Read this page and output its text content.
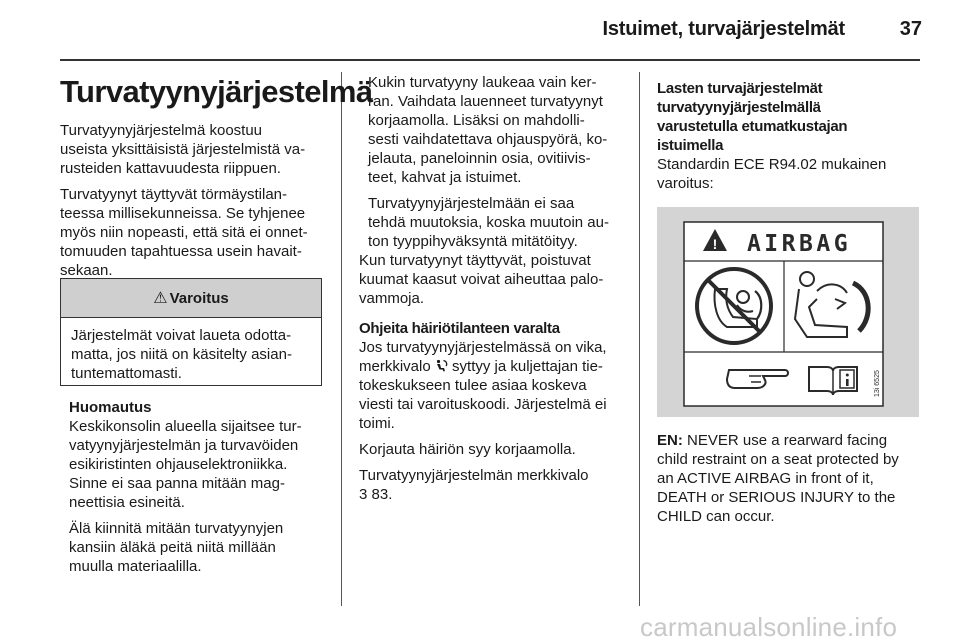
Istuimet, turvajärjestelmät	37
Turvatyynyjärjestelmä

Turvatyynyjärjestelmä koostuu
useista yksittäisistä järjestelmistä va-
rusteiden kattavuudesta riippuen.

Turvatyynyt täyttyvät törmäystilan-
teessa millisekunneissa. Se tyhjenee
myös niin nopeasti, että sitä ei onnet-
tomuuden tapahtuessa usein havait-
sekaan.

⚠ Varoitus
Järjestelmät voivat laueta odotta-
matta, jos niitä on käsitelty asian-
tuntemattomasti.

Huomautus

Keskikonsolin alueella sijaitsee tur-
vatyynyjärjestelmän ja turvavöiden
esikiristinten ohjauselektroniikka.
Sinne ei saa panna mitään mag-
neettisia esineitä.

Älä kiinnitä mitään turvatyynyjen
kansiin äläkä peitä niitä millään
muulla materiaalilla.

Kukin turvatyyny laukeaa vain ker-
ran. Vaihdata lauenneet turvatyynyt
korjaamolla. Lisäksi on mahdolli-
sesti vaihdatettava ohjauspyörä, ko-
jelauta, paneloinnin osia, ovitiivis-
teet, kahvat ja istuimet.

Turvatyynyjärjestelmään ei saa
tehdä muutoksia, koska muutoin au-
ton tyyppihyväksyntä mitätöityy.

Kun turvatyynyt täyttyvät, poistuvat
kuumat kaasut voivat aiheuttaa palo-
vammoja.

Ohjeita häiriötilanteen varalta

Jos turvatyynyjärjestelmässä on vika,
merkkivalo syttyy ja kuljettajan tie-
tokeskukseen tulee asiaa koskeva
viesti tai varoituskoodi. Järjestelmä ei
toimi.

Korjauta häiriön syy korjaamolla.

Turvatyynyjärjestelmän merkkivalo
3 83.

Lasten turvajärjestelmät
turvatyynyjärjestelmällä
varustetulla etumatkustajan
istuimella

Standardin ECE R94.02 mukainen
varoitus:

! AIRBAG
13i 6525

EN: NEVER use a rearward facing
child restraint on a seat protected by
an ACTIVE AIRBAG in front of it,
DEATH or SERIOUS INJURY to the
CHILD can occur.

carmanualsonline.info
